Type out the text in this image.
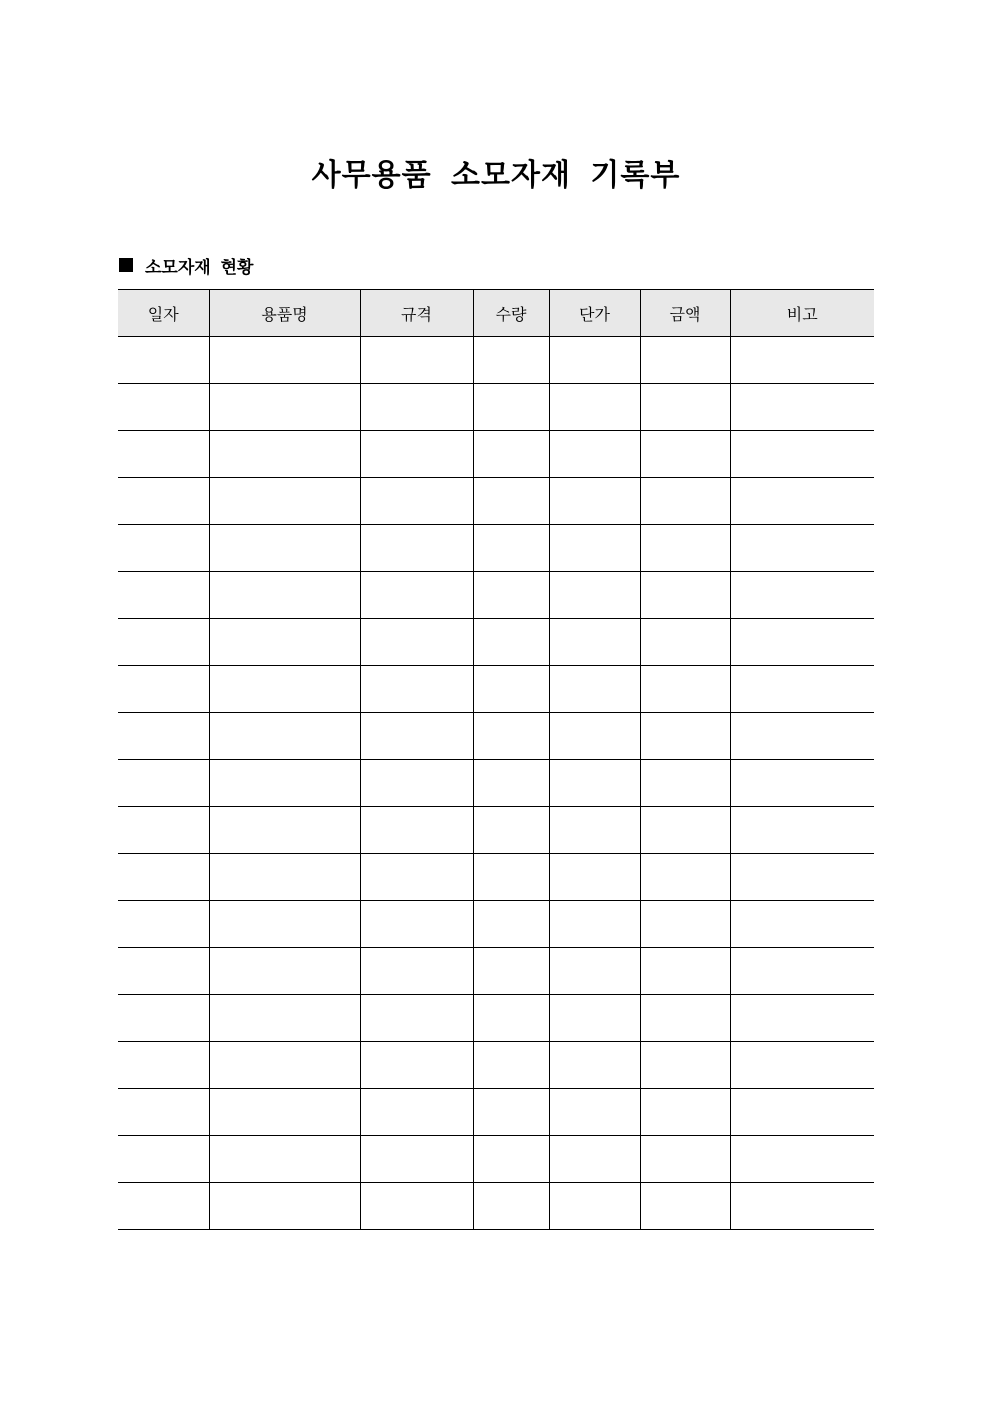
사무용품 소모자재 기록부
소모자재 현황
일자	용품명	규격	수량	단가	금액	비고
